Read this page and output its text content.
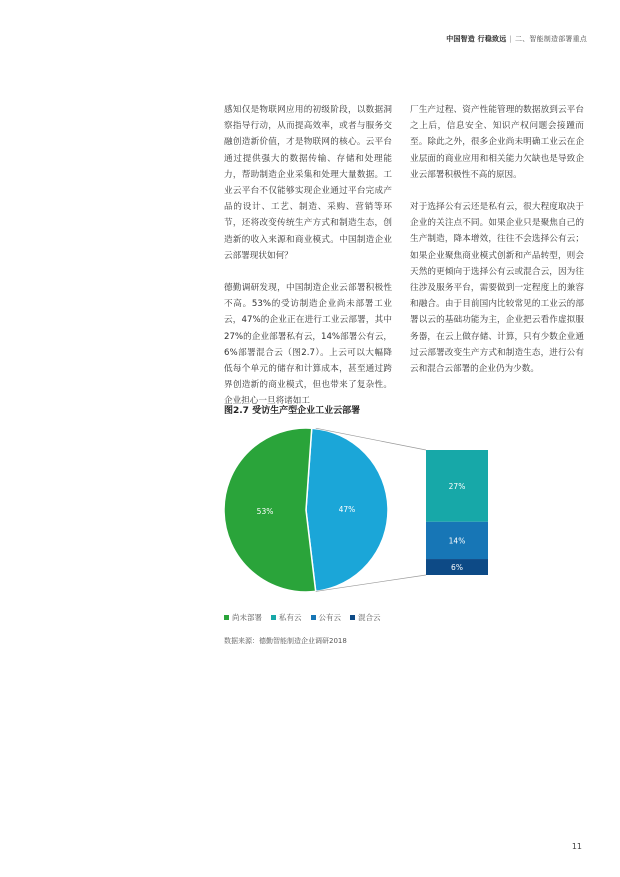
中国智造 行稳致远 | 二、智能制造部署重点

感知仅是物联网应用的初级阶段，以数据洞察指导行动，从而提高效率，或者与服务交融创造新价值，才是物联网的核心。云平台通过提供强大的数据传输、存储和处理能力，帮助制造企业采集和处理大量数据。工业云平台不仅能够实现企业通过平台完成产品的设计、工艺、制造、采购、营销等环节，还将改变传统生产方式和制造生态，创造新的收入来源和商业模式。中国制造企业云部署现状如何？

德勤调研发现，中国制造企业云部署积极性不高。53%的受访制造企业尚未部署工业云，47%的企业正在进行工业云部署，其中27%的企业部署私有云，14%部署公有云，6%部署混合云（图2.7）。上云可以大幅降低每个单元的储存和计算成本，甚至通过跨界创造新的商业模式，但也带来了复杂性。企业担心一旦将诸如工

厂生产过程、资产性能管理的数据放到云平台之上后，信息安全、知识产权问题会接踵而至。除此之外，很多企业尚未明确工业云在企业层面的商业应用和相关能力欠缺也是导致企业云部署积极性不高的原因。

对于选择公有云还是私有云，很大程度取决于企业的关注点不同。如果企业只是聚焦自己的生产制造，降本增效，往往不会选择公有云；如果企业聚焦商业模式创新和产品转型，则会天然的更倾向于选择公有云或混合云，因为往往涉及服务平台，需要做到一定程度上的兼容和融合。由于目前国内比较常见的工业云的部署以云的基础功能为主，企业把云看作虚拟服务器，在云上做存储、计算，只有少数企业通过云部署改变生产方式和制造生态，进行公有云和混合云部署的企业仍为少数。

图2.7 受访生产型企业工业云部署
47%
53%
27%
14%
6%
尚未部署 私有云 公有云 混合云
数据来源：德勤智能制造企业调研2018
11
